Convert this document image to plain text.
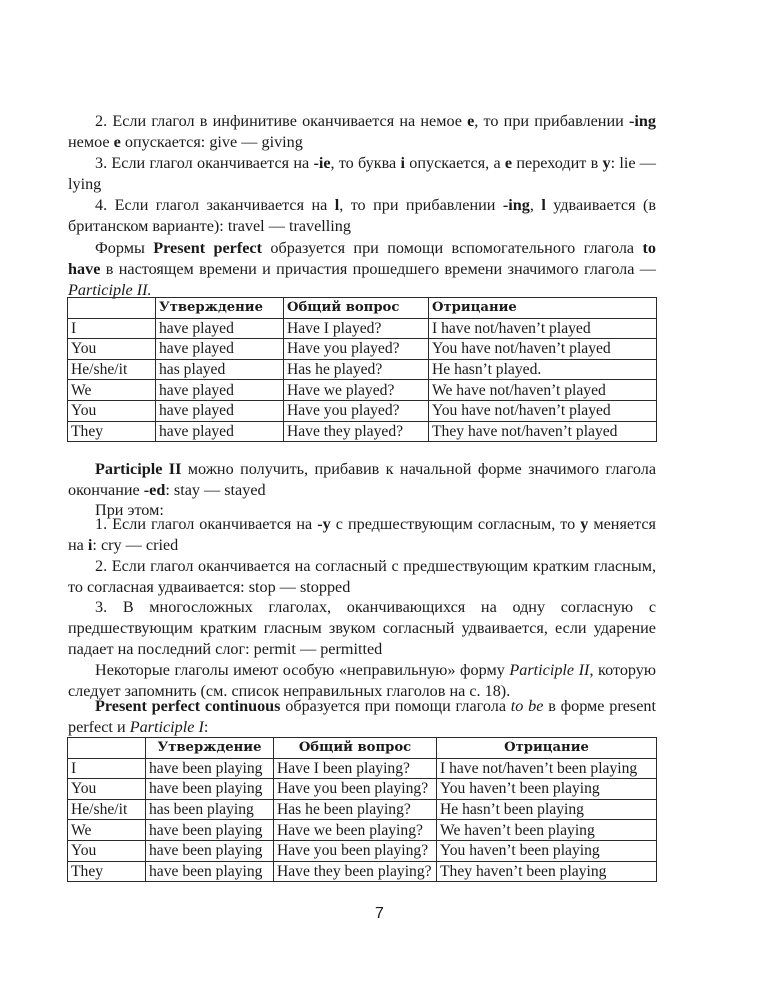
2. Если глагол в инфинитиве оканчивается на немое e, то при прибавлении -ing немое e опускается: give — giving

3. Если глагол оканчивается на -ie, то буква i опускается, а e переходит в y: lie — lying

4. Если глагол заканчивается на l, то при прибавлении -ing, l удваивается (в британском варианте): travel — travelling

Формы Present perfect образуется при помощи вспомогательного глагола to have в настоящем времени и причастия прошедшего времени значимого глагола — Participle II.

	Утверждение	Общий вопрос	Отрицание
I	have played	Have I played?	I have not/haven’t played
You	have played	Have you played?	You have not/haven’t played
He/she/it	has played	Has he played?	He hasn’t played.
We	have played	Have we played?	We have not/haven’t played
You	have played	Have you played?	You have not/haven’t played
They	have played	Have they played?	They have not/haven’t played

Participle II можно получить, прибавив к начальной форме значимого глагола окончание -ed: stay — stayed

При этом:

1. Если глагол оканчивается на -y с предшествующим согласным, то y меняется на i: cry — cried

2. Если глагол оканчивается на согласный с предшествующим кратким гласным, то согласная удваивается: stop — stopped

3. В многосложных глаголах, оканчивающихся на одну согласную с предшествующим кратким гласным звуком согласный удваивается, если ударение падает на последний слог: permit — permitted

Некоторые глаголы имеют особую «неправильную» форму Participle II, которую следует запомнить (см. список неправильных глаголов на с. 18).

Present perfect continuous образуется при помощи глагола to be в форме present perfect и Participle I:

	Утверждение	Общий вопрос	Отрицание
I	have been playing	Have I been playing?	I have not/haven’t been playing
You	have been playing	Have you been playing?	You haven’t been playing
He/she/it	has been playing	Has he been playing?	He hasn’t been playing
We	have been playing	Have we been playing?	We haven’t been playing
You	have been playing	Have you been playing?	You haven’t been playing
They	have been playing	Have they been playing?	They haven’t been playing
7
